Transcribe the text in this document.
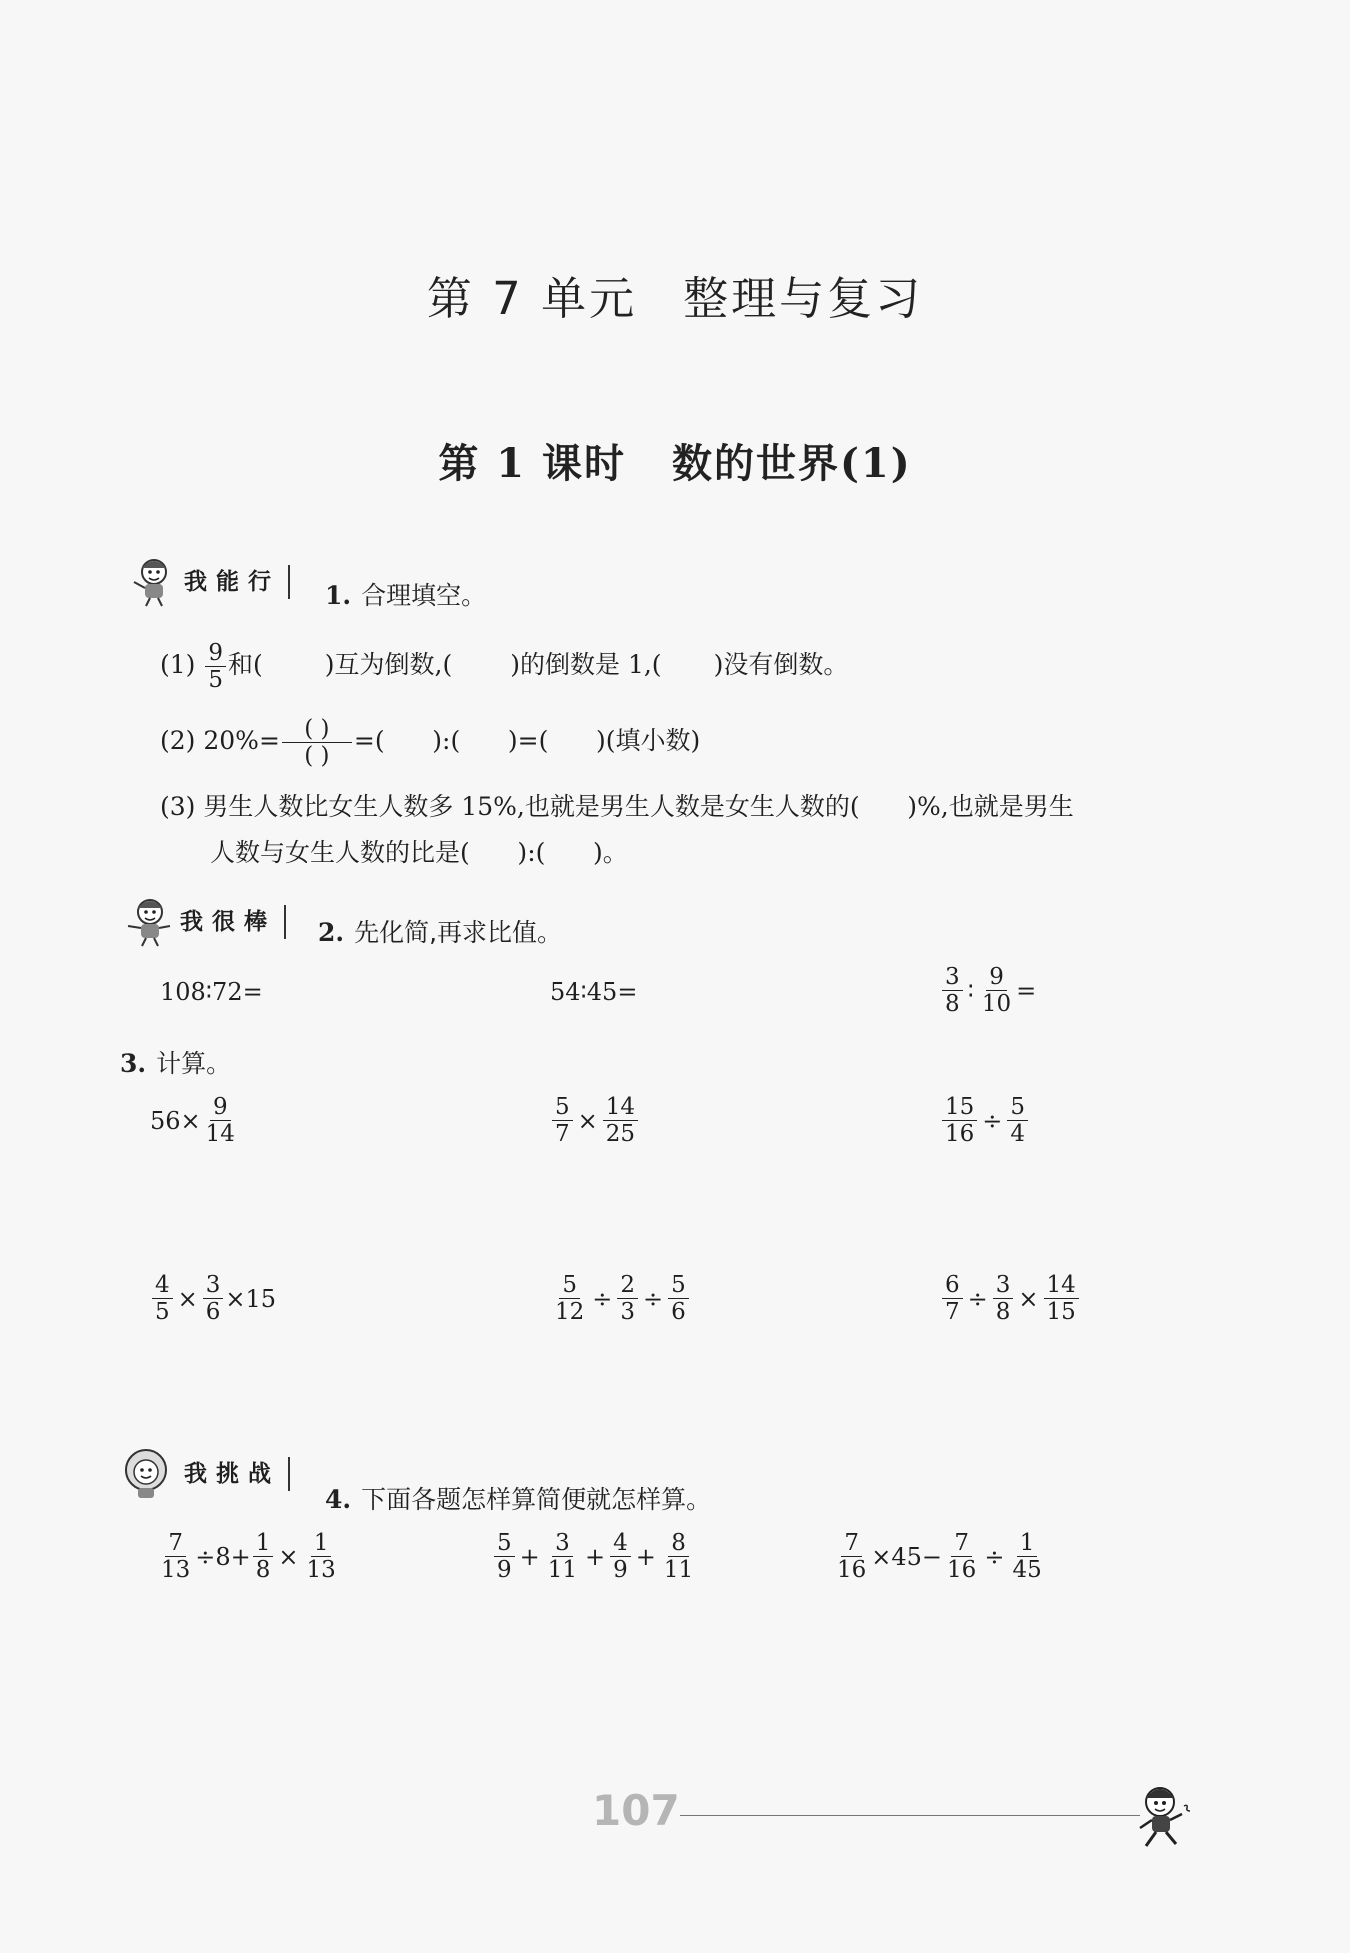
第 7 单元 整理与复习
第 1 课时 数的世界(1)
我能行	1. 合理填空。
$(1) \frac{9}{5}$ 和( )互为倒数,( )的倒数是 1,( )没有倒数。
(2) $20\%= \frac{( )}{( )}$ =(      ):(      )=(      )(填小数)
(3) 男生人数比女生人数多 15%,也就是男生人数是女生人数的(      )%,也就是男生
人数与女生人数的比是(      ):(      )。
我很棒	2. 先化简,再求比值。
108∶72=	54∶45=	$\frac{3}{8}$ ∶ $\frac{9}{10}$ =
3. 计算。
$56\times \frac{9}{14}$	$\frac{5}{7} \times \frac{14}{25}$	$\frac{15}{16} \div \frac{5}{4}$
$\frac{4}{5} \times \frac{3}{6} \times 15$	$\frac{5}{12} \div \frac{2}{3} \div \frac{5}{6}$	$\frac{6}{7} \div \frac{3}{8} \times \frac{14}{15}$
我挑战
4. 下面各题怎样算简便就怎样算。
$\frac{7}{13} \div 8+ \frac{1}{8} \times \frac{1}{13}$	$\frac{5}{9} + \frac{3}{11} + \frac{4}{9} + \frac{8}{11}$	$\frac{7}{16} \times 45- \frac{7}{16} \div \frac{1}{45}$
107
